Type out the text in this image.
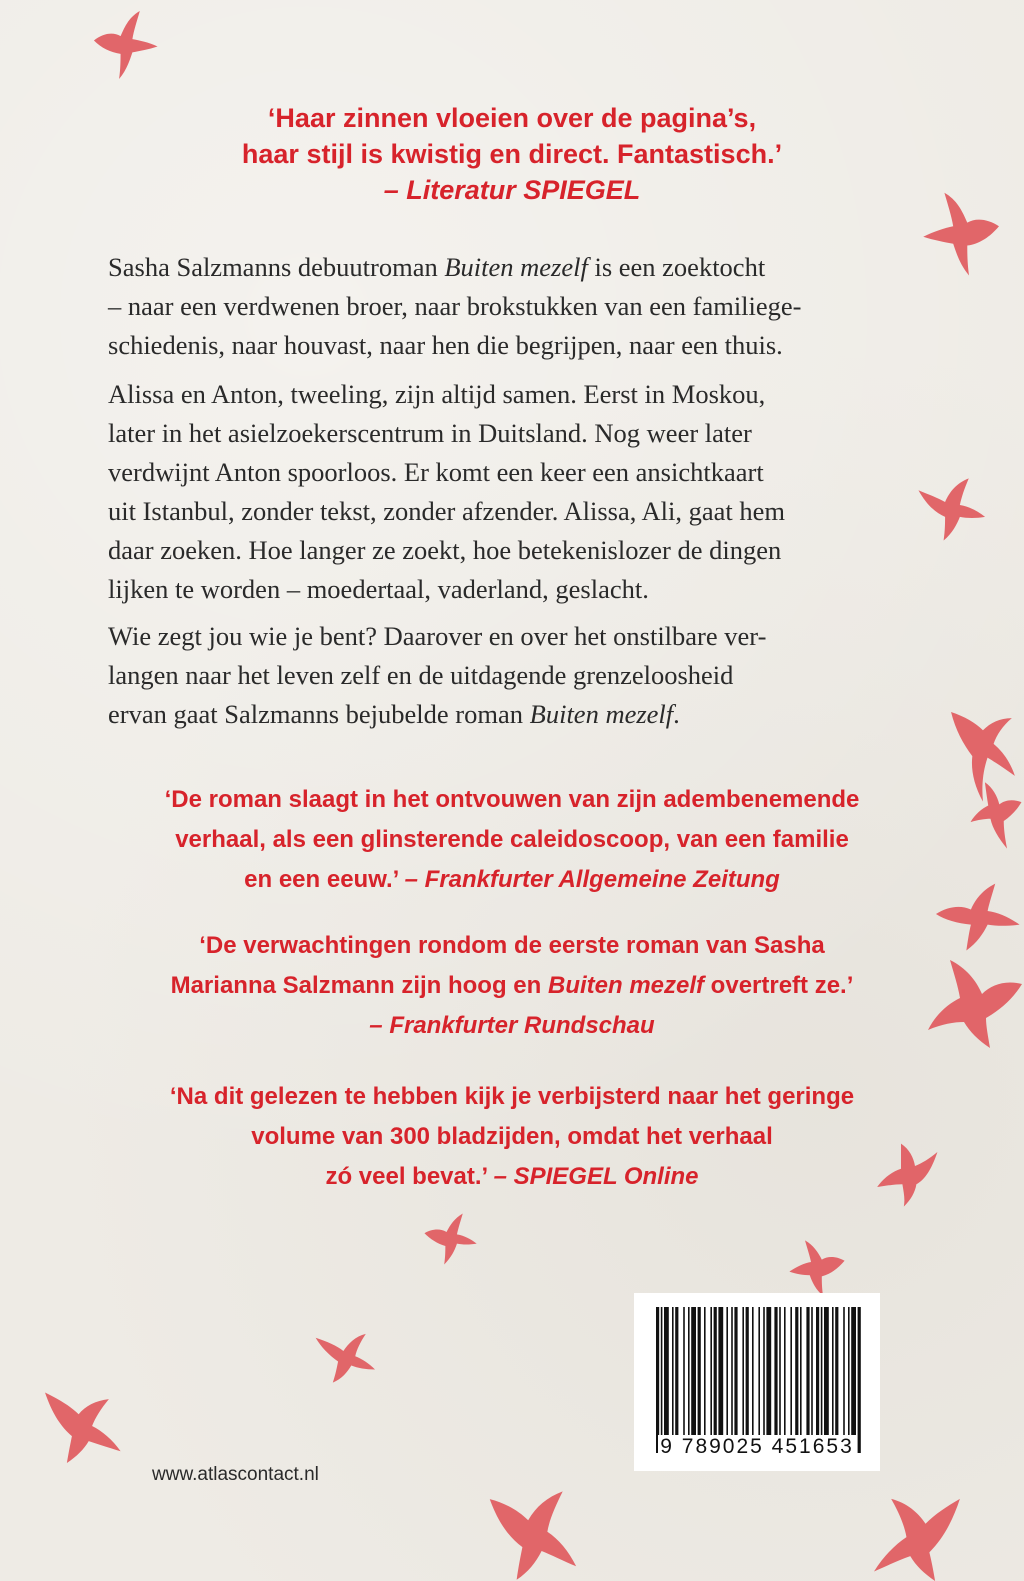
‘Haar zinnen vloeien over de pagina’s,
haar stijl is kwistig en direct. Fantastisch.’
– Literatur SPIEGEL

Sasha Salzmanns debuutroman Buiten mezelf is een zoektocht
– naar een verdwenen broer, naar brokstukken van een familiege-
schiedenis, naar houvast, naar hen die begrijpen, naar een thuis.

Alissa en Anton, tweeling, zijn altijd samen. Eerst in Moskou,
later in het asielzoekerscentrum in Duitsland. Nog weer later
verdwijnt Anton spoorloos. Er komt een keer een ansichtkaart
uit Istanbul, zonder tekst, zonder afzender. Alissa, Ali, gaat hem
daar zoeken. Hoe langer ze zoekt, hoe betekenislozer de dingen
lijken te worden – moedertaal, vaderland, geslacht.

Wie zegt jou wie je bent? Daarover en over het onstilbare ver-
langen naar het leven zelf en de uitdagende grenzeloosheid
ervan gaat Salzmanns bejubelde roman Buiten mezelf.

‘De roman slaagt in het ontvouwen van zijn adembenemende
verhaal, als een glinsterende caleidoscoop, van een familie
en een eeuw.’ – Frankfurter Allgemeine Zeitung

‘De verwachtingen rondom de eerste roman van Sasha
Marianna Salzmann zijn hoog en Buiten mezelf overtreft ze.’
– Frankfurter Rundschau

‘Na dit gelezen te hebben kijk je verbijsterd naar het geringe
volume van 300 bladzijden, omdat het verhaal
zó veel bevat.’ – SPIEGEL Online

9 789025 451653
www.atlascontact.nl
